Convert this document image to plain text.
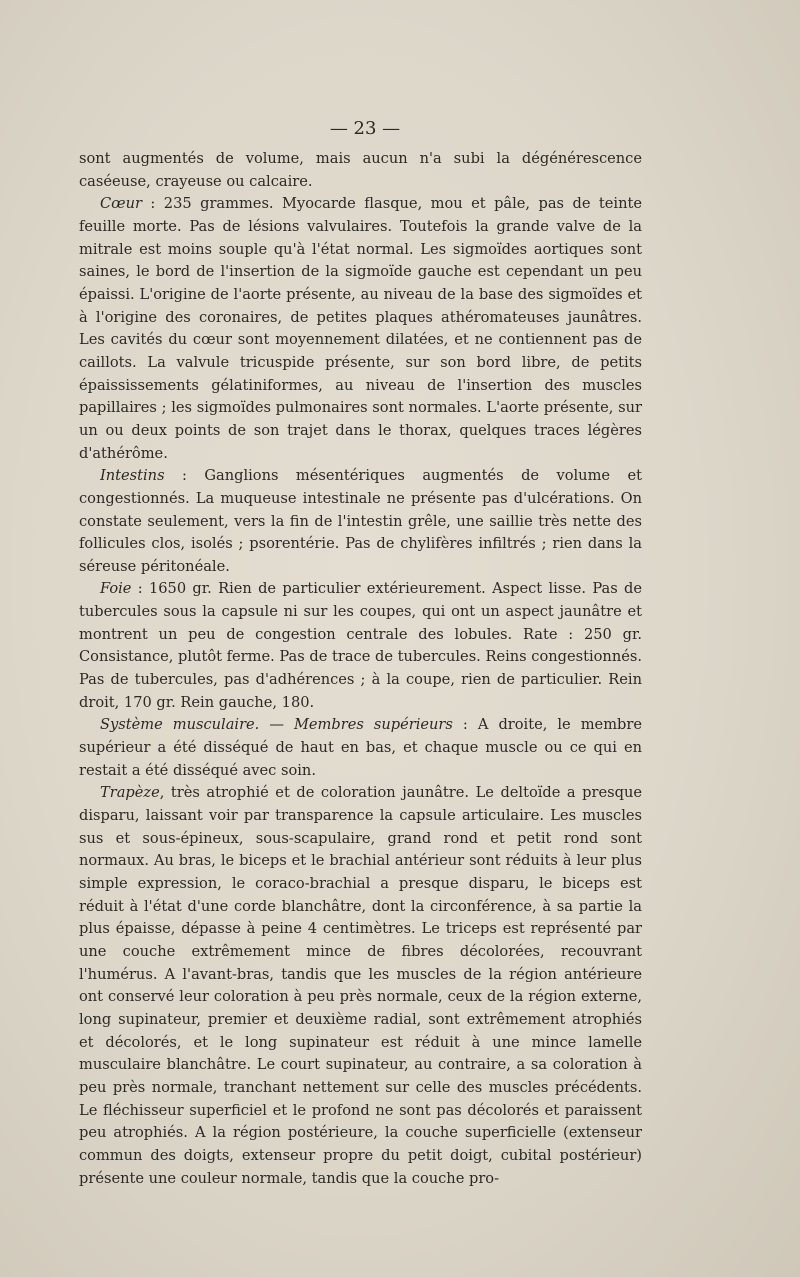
— 23 —

sont augmentés de volume, mais aucun n'a subi la dégénérescence caséeuse, crayeuse ou calcaire.

Cœur : 235 grammes. Myocarde flasque, mou et pâle, pas de teinte feuille morte. Pas de lésions valvulaires. Toutefois la grande valve de la mitrale est moins souple qu'à l'état normal. Les sigmoïdes aortiques sont saines, le bord de l'insertion de la sigmoïde gauche est cependant un peu épaissi. L'origine de l'aorte présente, au niveau de la base des sigmoïdes et à l'origine des coronaires, de petites plaques athéromateuses jaunâtres. Les cavités du cœur sont moyennement dilatées, et ne contiennent pas de caillots. La valvule tricuspide présente, sur son bord libre, de petits épaississements gélatiniformes, au niveau de l'insertion des muscles papillaires ; les sigmoïdes pulmonaires sont normales. L'aorte présente, sur un ou deux points de son trajet dans le thorax, quelques traces légères d'athérôme.

Intestins : Ganglions mésentériques augmentés de volume et congestionnés. La muqueuse intestinale ne présente pas d'ulcérations. On constate seulement, vers la fin de l'intestin grêle, une saillie très nette des follicules clos, isolés ; psorentérie. Pas de chylifères infiltrés ; rien dans la séreuse péritonéale.

Foie : 1650 gr. Rien de particulier extérieurement. Aspect lisse. Pas de tubercules sous la capsule ni sur les coupes, qui ont un aspect jaunâtre et montrent un peu de congestion centrale des lobules. Rate : 250 gr. Consistance, plutôt ferme. Pas de trace de tubercules. Reins congestionnés. Pas de tubercules, pas d'adhérences ; à la coupe, rien de particulier. Rein droit, 170 gr. Rein gauche, 180.

Système musculaire. — Membres supérieurs : A droite, le membre supérieur a été disséqué de haut en bas, et chaque muscle ou ce qui en restait a été disséqué avec soin.

Trapèze, très atrophié et de coloration jaunâtre. Le deltoïde a presque disparu, laissant voir par transparence la capsule articulaire. Les muscles sus et sous-épineux, sous-scapulaire, grand rond et petit rond sont normaux. Au bras, le biceps et le brachial antérieur sont réduits à leur plus simple expression, le coraco-brachial a presque disparu, le biceps est réduit à l'état d'une corde blanchâtre, dont la circonférence, à sa partie la plus épaisse, dépasse à peine 4 centimètres. Le triceps est représenté par une couche extrêmement mince de fibres décolorées, recouvrant l'humérus. A l'avant-bras, tandis que les muscles de la région antérieure ont conservé leur coloration à peu près normale, ceux de la région externe, long supinateur, premier et deuxième radial, sont extrêmement atrophiés et décolorés, et le long supinateur est réduit à une mince lamelle musculaire blanchâtre. Le court supinateur, au contraire, a sa coloration à peu près normale, tranchant nettement sur celle des muscles précédents. Le fléchisseur superficiel et le profond ne sont pas décolorés et paraissent peu atrophiés. A la région postérieure, la couche superficielle (extenseur commun des doigts, extenseur propre du petit doigt, cubital postérieur) présente une couleur normale, tandis que la couche pro-
